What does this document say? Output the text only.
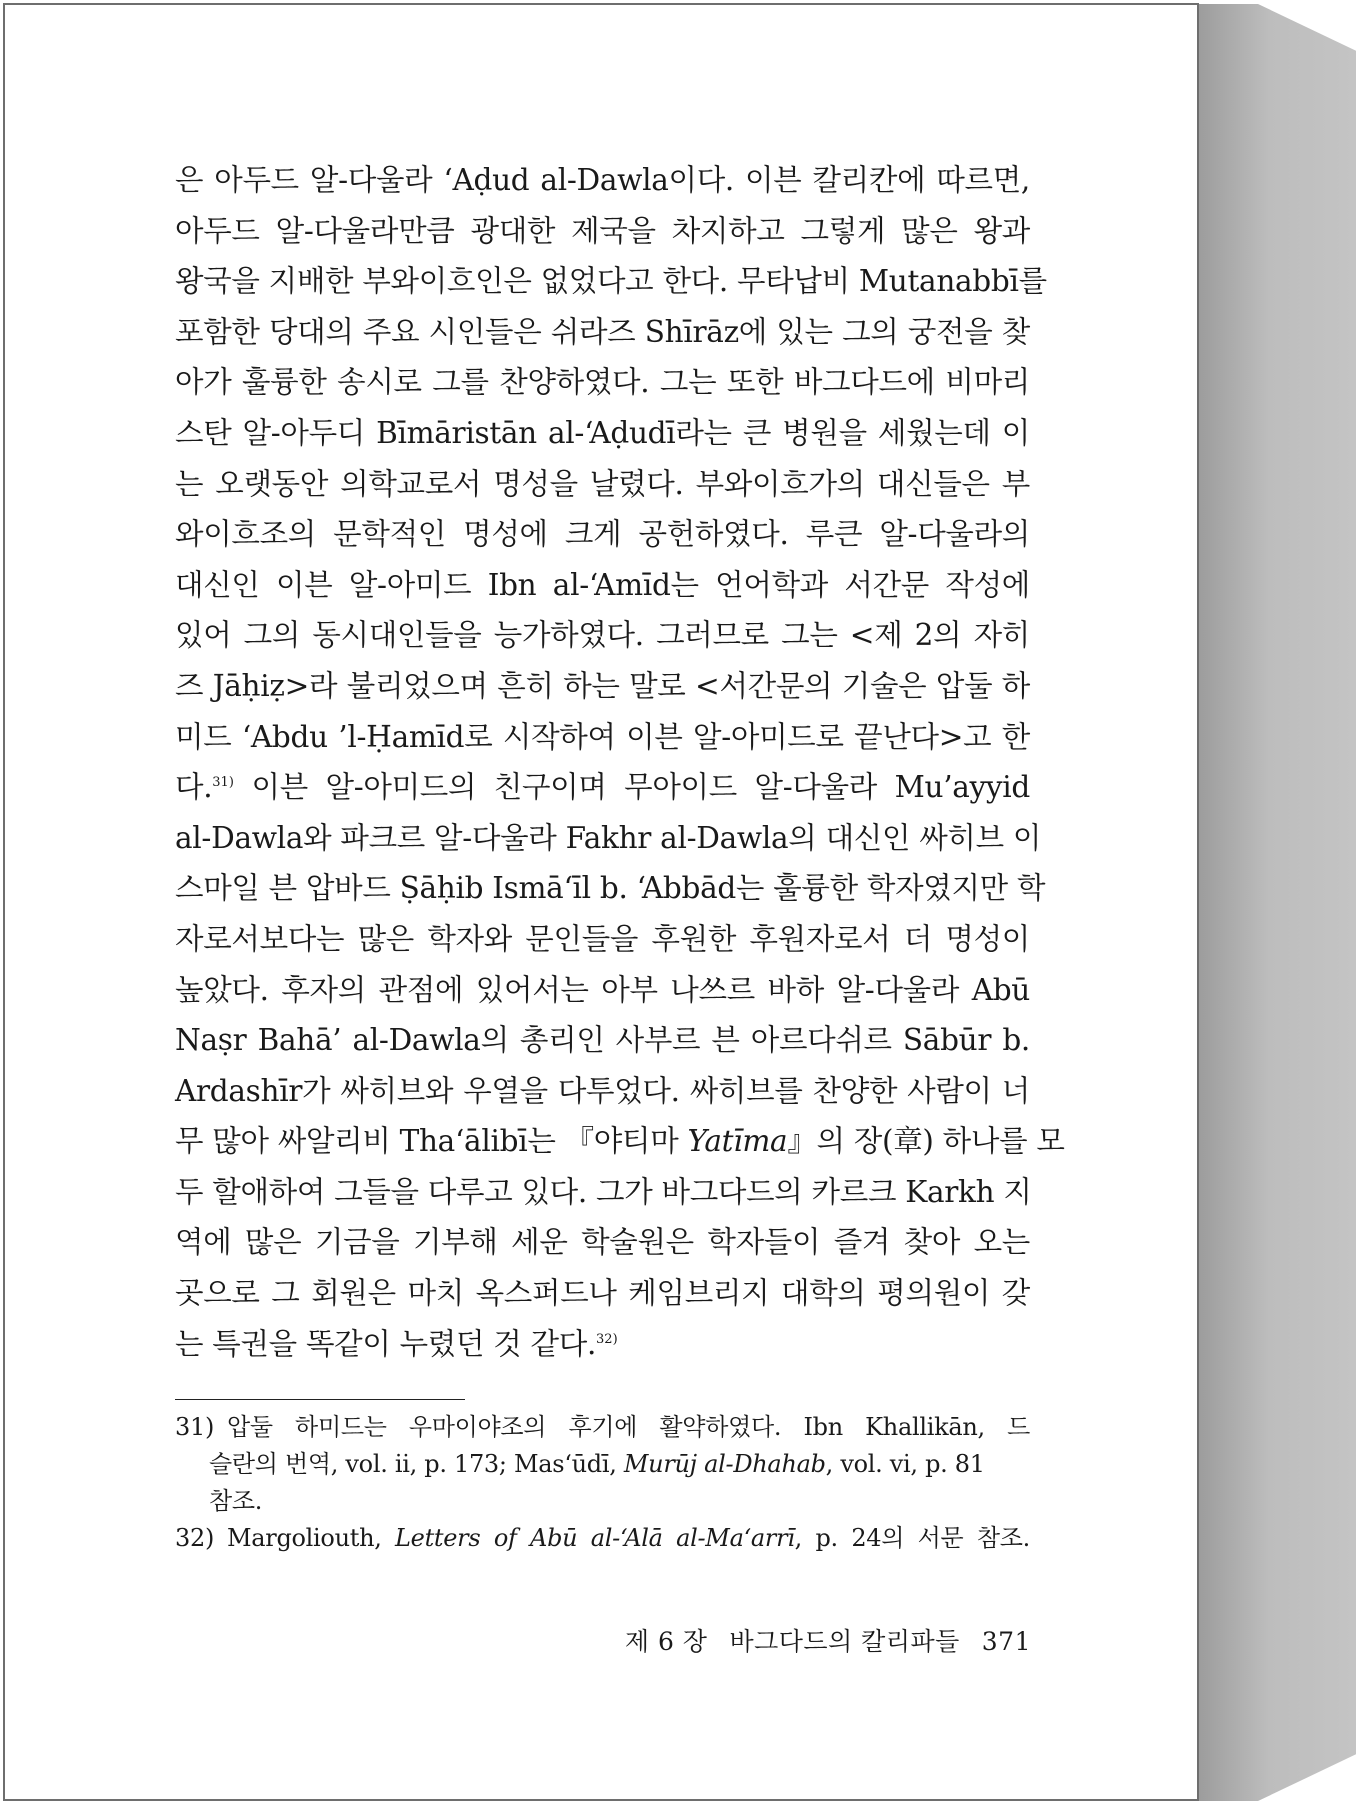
은 아두드 알-다울라 ‘Aḍud al-Dawla이다. 이븐 칼리칸에 따르면,
아두드 알-다울라만큼 광대한 제국을 차지하고 그렇게 많은 왕과
왕국을 지배한 부와이흐인은 없었다고 한다. 무타납비 Mutanabbī를
포함한 당대의 주요 시인들은 쉬라즈 Shīrāz에 있는 그의 궁전을 찾
아가 훌륭한 송시로 그를 찬양하였다. 그는 또한 바그다드에 비마리
스탄 알-아두디 Bīmāristān al-‘Aḍudī라는 큰 병원을 세웠는데 이
는 오랫동안 의학교로서 명성을 날렸다. 부와이흐가의 대신들은 부
와이흐조의 문학적인 명성에 크게 공헌하였다. 루큰 알-다울라의
대신인 이븐 알-아미드 Ibn al-‘Amīd는 언어학과 서간문 작성에
있어 그의 동시대인들을 능가하였다. 그러므로 그는 <제 2의 자히
즈 Jāḥiẓ>라 불리었으며 흔히 하는 말로 <서간문의 기술은 압둘 하
미드 ‘Abdu ’l-Ḥamīd로 시작하여 이븐 알-아미드로 끝난다>고 한
다.$^{31)}$ 이븐 알-아미드의 친구이며 무아이드 알-다울라 Mu’ayyid
al-Dawla와 파크르 알-다울라 Fakhr al-Dawla의 대신인 싸히브 이
스마일 븐 압바드 Ṣāḥib Ismā‘īl b. ‘Abbād는 훌륭한 학자였지만 학
자로서보다는 많은 학자와 문인들을 후원한 후원자로서 더 명성이
높았다. 후자의 관점에 있어서는 아부 나쓰르 바하 알-다울라 Abū
Naṣr Bahā’ al-Dawla의 총리인 사부르 븐 아르다쉬르 Sābūr b.
Ardashīr가 싸히브와 우열을 다투었다. 싸히브를 찬양한 사람이 너
무 많아 싸알리비 Tha‘ālibī는 『야티마 Yatīma』의 장(章) 하나를 모
두 할애하여 그들을 다루고 있다. 그가 바그다드의 카르크 Karkh 지
역에 많은 기금을 기부해 세운 학술원은 학자들이 즐겨 찾아 오는
곳으로 그 회원은 마치 옥스퍼드나 케임브리지 대학의 평의원이 갖
는 특권을 똑같이 누렸던 것 같다.$^{32)}$
31) 압둘 하미드는 우마이야조의 후기에 활약하였다. Ibn Khallikān, 드
슬란의 번역, vol. ii, p. 173; Mas‘ūdī, Murūj al-Dhahab, vol. vi, p. 81
참조.
32) Margoliouth, Letters of Abū al-‘Alā al-Ma‘arrī, p. 24의 서문 참조.
제 6 장 바그다드의 칼리파들 371
